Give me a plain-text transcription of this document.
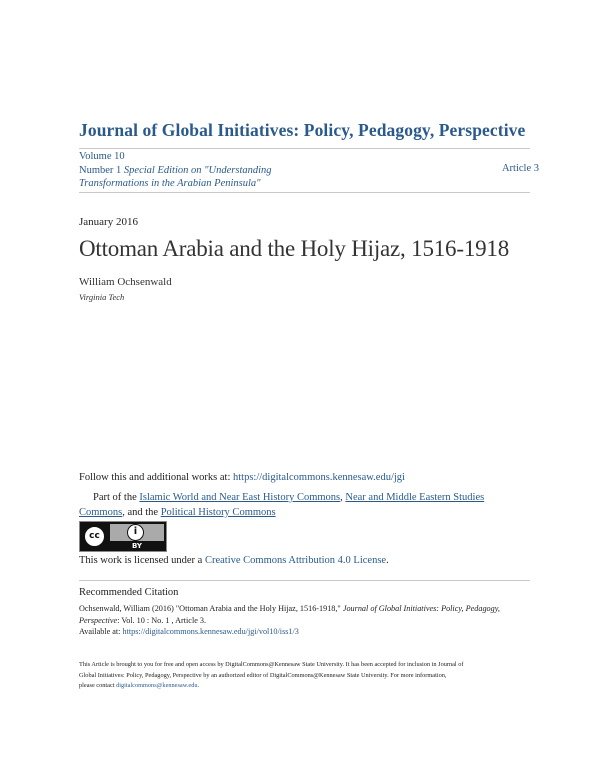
Journal of Global Initiatives: Policy, Pedagogy, Perspective
Volume 10
Number 1 Special Edition on "Understanding
Transformations in the Arabian Peninsula"
Article 3
January 2016
Ottoman Arabia and the Holy Hijaz, 1516-1918
William Ochsenwald
Virginia Tech
Follow this and additional works at: https://digitalcommons.kennesaw.edu/jgi
Part of the Islamic World and Near East History Commons, Near and Middle Eastern Studies
Commons, and the Political History Commons
cc	i
BY
This work is licensed under a Creative Commons Attribution 4.0 License.
Recommended Citation
Ochsenwald, William (2016) "Ottoman Arabia and the Holy Hijaz, 1516-1918," Journal of Global Initiatives: Policy, Pedagogy,
Perspective: Vol. 10 : No. 1 , Article 3.
Available at: https://digitalcommons.kennesaw.edu/jgi/vol10/iss1/3
This Article is brought to you for free and open access by DigitalCommons@Kennesaw State University. It has been accepted for inclusion in Journal of
Global Initiatives: Policy, Pedagogy, Perspective by an authorized editor of DigitalCommons@Kennesaw State University. For more information,
please contact digitalcommons@kennesaw.edu.
